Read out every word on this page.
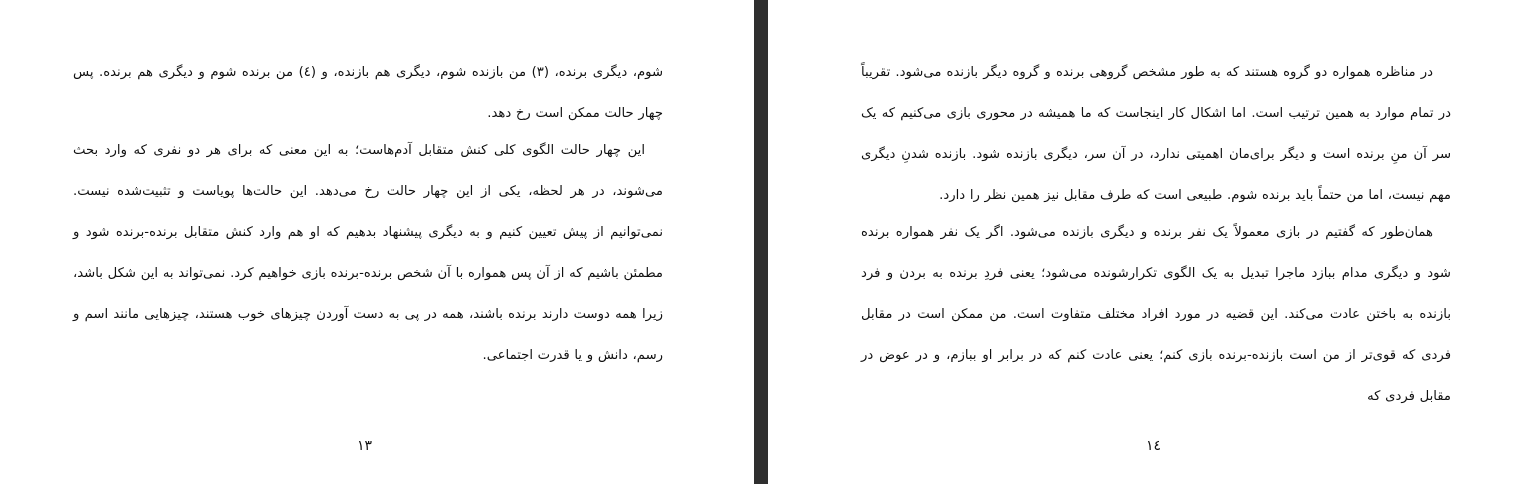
شوم، دیگری برنده، (۳) من بازنده شوم، دیگری هم بازنده، و (٤) من برنده شوم و دیگری هم برنده. پس چهار حالت ممکن است رخ دهد.

این چهار حالت الگوی کلی کنش متقابل آدم‌هاست؛ به این معنی که برای هر دو نفری که وارد بحث می‌شوند، در هر لحظه، یکی از این چهار حالت رخ می‌دهد. این حالت‌ها پویاست و تثبیت‌شده نیست. نمی‌توانیم از پیش تعیین کنیم و به دیگری پیشنهاد بدهیم که او هم وارد کنش متقابل برنده-برنده شود و مطمئن باشیم که از آن پس همواره با آن شخص برنده-برنده بازی خواهیم کرد. نمی‌تواند به این شکل باشد، زیرا همه دوست دارند برنده باشند، همه در پی به دست آوردن چیزهای خوب هستند، چیزهایی مانند اسم و رسم، دانش و یا قدرت اجتماعی.

۱۳

در مناظره همواره دو گروه هستند که به طور مشخص گروهی برنده و گروه دیگر بازنده می‌شود. تقریباً در تمام موارد به همین ترتیب است. اما اشکال کار اینجاست که ما همیشه در محوری بازی می‌کنیم که یک سر آن منِ برنده است و دیگر برای‌مان اهمیتی ندارد، در آن سر، دیگری بازنده شود. بازنده شدنِ دیگری مهم نیست، اما من حتماً باید برنده شوم. طبیعی است که طرف مقابل نیز همین نظر را دارد.

همان‌طور که گفتیم در بازی معمولاً یک نفر برنده و دیگری بازنده می‌شود. اگر یک نفر همواره برنده شود و دیگری مدام ببازد ماجرا تبدیل به یک الگوی تکرارشونده می‌شود؛ یعنی فردِ برنده به بردن و فرد بازنده به باختن عادت می‌کند. این قضیه در مورد افراد مختلف متفاوت است. من ممکن است در مقابل فردی که قوی‌تر از من است بازنده-برنده بازی کنم؛ یعنی عادت کنم که در برابر او ببازم، و در عوض در مقابل فردی که

١٤
